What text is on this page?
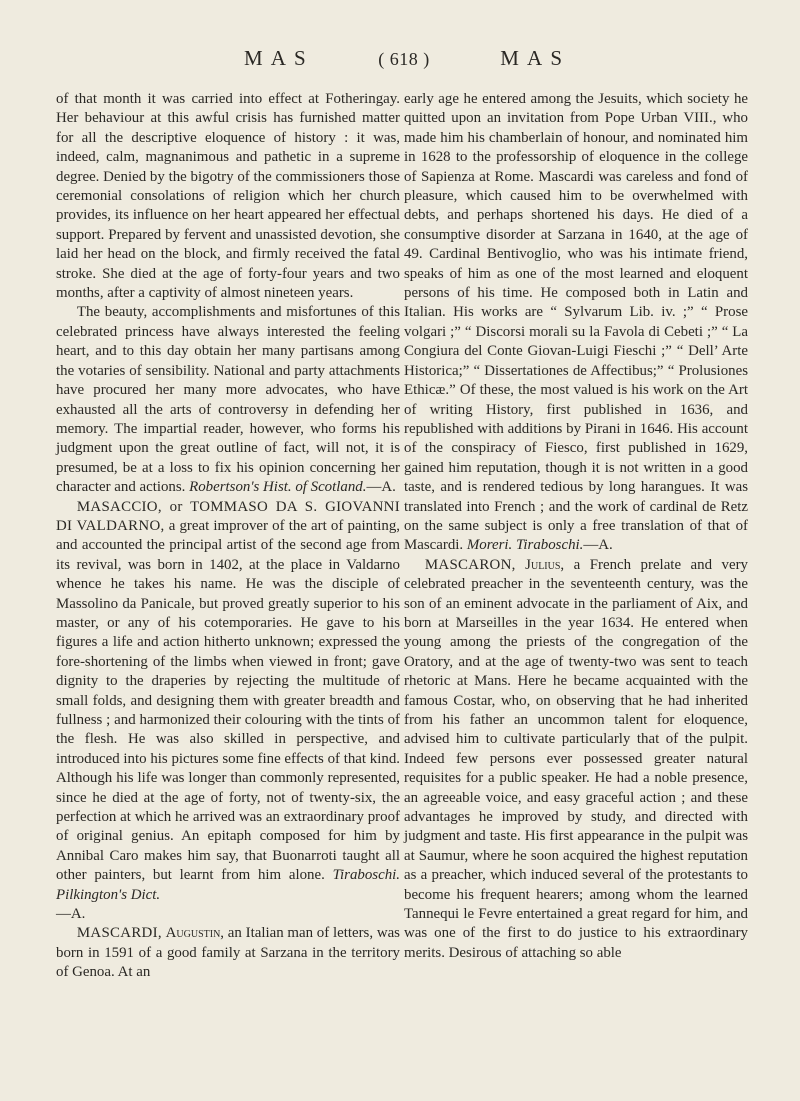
M A S	( 618 )	M A S

of that month it was carried into effect at Fotheringay. Her behaviour at this awful crisis has furnished matter for all the descriptive eloquence of history : it was, indeed, calm, magnanimous and pathetic in a supreme degree. Denied by the bigotry of the commissioners those ceremonial consolations of religion which her church provides, its influence on her heart appeared her effectual support. Prepared by fervent and unassisted devotion, she laid her head on the block, and firmly received the fatal stroke. She died at the age of forty-four years and two months, after a captivity of almost nineteen years.

The beauty, accomplishments and misfortunes of this celebrated princess have always interested the feeling heart, and to this day obtain her many partisans among the votaries of sensibility. National and party attachments have procured her many more advocates, who have exhausted all the arts of controversy in defending her memory. The impartial reader, however, who forms his judgment upon the great outline of fact, will not, it is presumed, be at a loss to fix his opinion concerning her character and actions. Robertson's Hist. of Scotland.—A.

MASACCIO, or TOMMASO DA S. GIOVANNI DI VALDARNO, a great improver of the art of painting, and accounted the principal artist of the second age from its revival, was born in 1402, at the place in Valdarno whence he takes his name. He was the disciple of Massolino da Panicale, but proved greatly superior to his master, or any of his cotemporaries. He gave to his figures a life and action hitherto unknown; expressed the fore-shortening of the limbs when viewed in front; gave dignity to the draperies by rejecting the multitude of small folds, and designing them with greater breadth and fullness ; and harmonized their colouring with the tints of the flesh. He was also skilled in perspective, and introduced into his pictures some fine effects of that kind. Although his life was longer than commonly represented, since he died at the age of forty, not of twenty-six, the perfection at which he arrived was an extraordinary proof of original genius. An epitaph composed for him by Annibal Caro makes him say, that Buonarroti taught all other painters, but learnt from him alone. Tiraboschi. Pilkington's Dict.
—A.

MASCARDI, Augustin, an Italian man of letters, was born in 1591 of a good family at Sarzana in the territory of Genoa. At an

early age he entered among the Jesuits, which society he quitted upon an invitation from Pope Urban VIII., who made him his chamberlain of honour, and nominated him in 1628 to the professorship of eloquence in the college of Sapienza at Rome. Mascardi was careless and fond of pleasure, which caused him to be overwhelmed with debts, and perhaps shortened his days. He died of a consumptive disorder at Sarzana in 1640, at the age of 49. Cardinal Bentivoglio, who was his intimate friend, speaks of him as one of the most learned and eloquent persons of his time. He composed both in Latin and Italian. His works are “ Sylvarum Lib. iv. ;” “ Prose volgari ;” “ Discorsi morali su la Favola di Cebeti ;” “ La Congiura del Conte Giovan-Luigi Fieschi ;” “ Dell’ Arte Historica;” “ Dissertationes de Affectibus;” “ Prolusiones Ethicæ.” Of these, the most valued is his work on the Art of writing History, first published in 1636, and republished with additions by Pirani in 1646. His account of the conspiracy of Fiesco, first published in 1629, gained him reputation, though it is not written in a good taste, and is rendered tedious by long harangues. It was translated into French ; and the work of cardinal de Retz on the same subject is only a free translation of that of Mascardi. Moreri. Tiraboschi.—A.

MASCARON, Julius, a French prelate and very celebrated preacher in the seventeenth century, was the son of an eminent advocate in the parliament of Aix, and born at Marseilles in the year 1634. He entered when young among the priests of the congregation of the Oratory, and at the age of twenty-two was sent to teach rhetoric at Mans. Here he became acquainted with the famous Costar, who, on observing that he had inherited from his father an uncommon talent for eloquence, advised him to cultivate particularly that of the pulpit. Indeed few persons ever possessed greater natural requisites for a public speaker. He had a noble presence, an agreeable voice, and easy graceful action ; and these advantages he improved by study, and directed with judgment and taste. His first appearance in the pulpit was at Saumur, where he soon acquired the highest reputation as a preacher, which induced several of the protestants to become his frequent hearers; among whom the learned Tannequi le Fevre entertained a great regard for him, and was one of the first to do justice to his extraordinary merits. Desirous of attaching so able
